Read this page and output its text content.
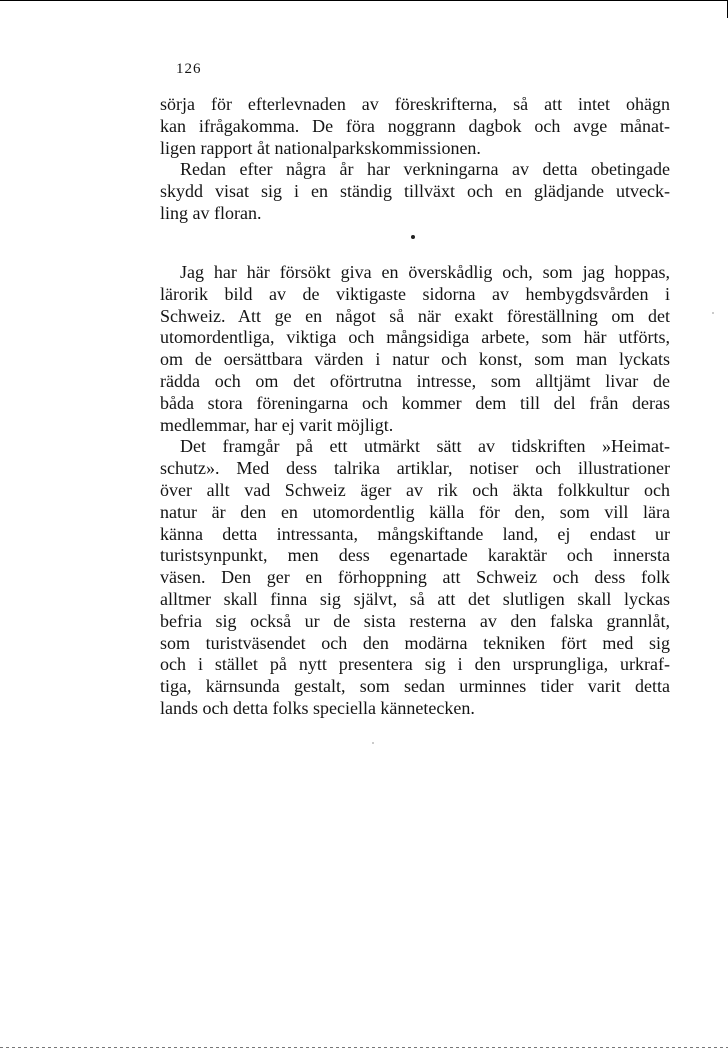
126
sörja för efterlevnaden av föreskrifterna, så att intet ohägn
kan ifrågakomma. De föra noggrann dagbok och avge månat-
ligen rapport åt nationalparkskommissionen.
Redan efter några år har verkningarna av detta obetingade
skydd visat sig i en ständig tillväxt och en glädjande utveck-
ling av floran.
Jag har här försökt giva en överskådlig och, som jag hoppas,
lärorik bild av de viktigaste sidorna av hembygdsvården i
Schweiz. Att ge en något så när exakt föreställning om det
utomordentliga, viktiga och mångsidiga arbete, som här utförts,
om de oersättbara värden i natur och konst, som man lyckats
rädda och om det oförtrutna intresse, som alltjämt livar de
båda stora föreningarna och kommer dem till del från deras
medlemmar, har ej varit möjligt.
Det framgår på ett utmärkt sätt av tidskriften »Heimat-
schutz». Med dess talrika artiklar, notiser och illustrationer
över allt vad Schweiz äger av rik och äkta folkkultur och
natur är den en utomordentlig källa för den, som vill lära
känna detta intressanta, mångskiftande land, ej endast ur
turistsynpunkt, men dess egenartade karaktär och innersta
väsen. Den ger en förhoppning att Schweiz och dess folk
alltmer skall finna sig självt, så att det slutligen skall lyckas
befria sig också ur de sista resterna av den falska grannlåt,
som turistväsendet och den modärna tekniken fört med sig
och i stället på nytt presentera sig i den ursprungliga, urkraf-
tiga, kärnsunda gestalt, som sedan urminnes tider varit detta
lands och detta folks speciella kännetecken.
